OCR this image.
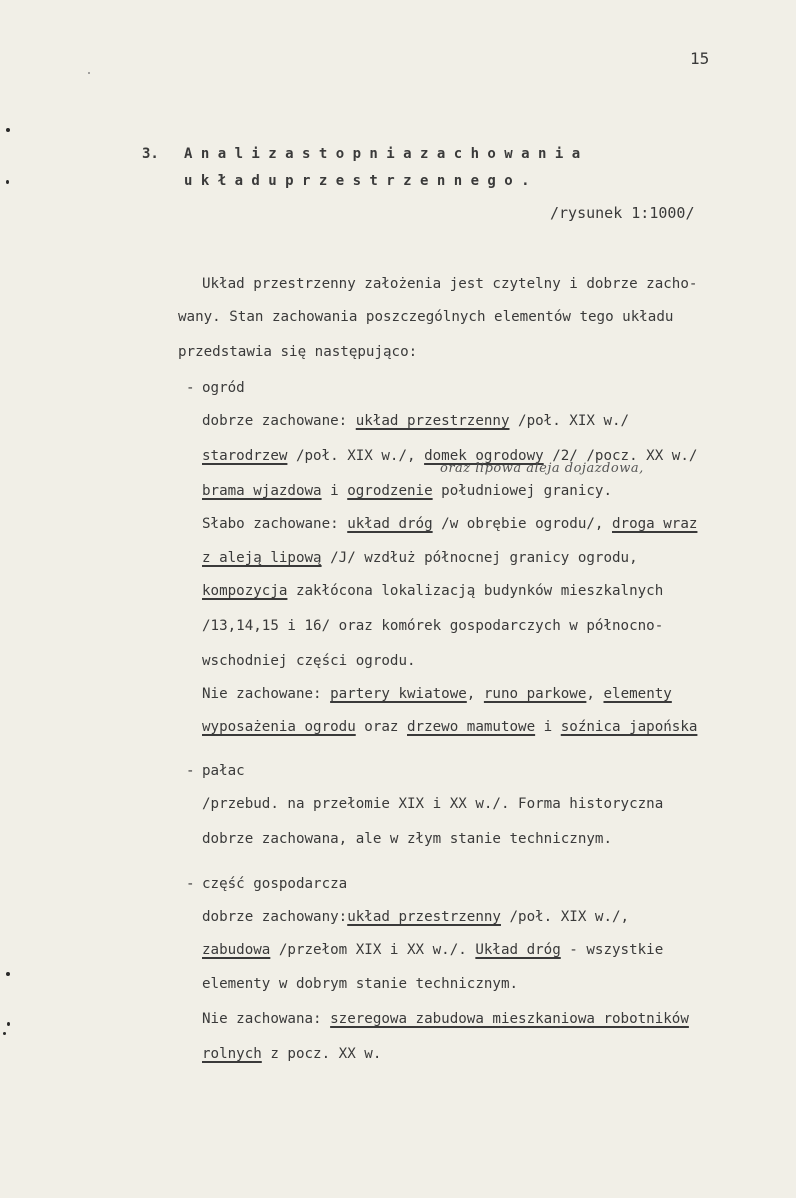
15
3. A n a l i z a s t o p n i a z a c h o w a n i a
u k ł a d u p r z e s t r z e n n e g o .
/rysunek 1:1000/
Układ przestrzenny założenia jest czytelny i dobrze zacho-
wany. Stan zachowania poszczególnych elementów tego układu
przedstawia się następująco:
- ogród
dobrze zachowane: układ przestrzenny /poł. XIX w./
starodrzew /poł. XIX w./, domek ogrodowy /2/ /pocz. XX w./
oraz lipowa aleja dojazdowa,
brama wjazdowa i ogrodzenie południowej granicy.
Słabo zachowane: układ dróg /w obrębie ogrodu/, droga wraz
z aleją lipową /J/ wzdłuż północnej granicy ogrodu,
kompozycja zakłócona lokalizacją budynków mieszkalnych
/13,14,15 i 16/ oraz komórek gospodarczych w północno-
wschodniej części ogrodu.
Nie zachowane: partery kwiatowe, runo parkowe, elementy
wyposażenia ogrodu oraz drzewo mamutowe i soźnica japońska
- pałac
/przebud. na przełomie XIX i XX w./. Forma historyczna
dobrze zachowana, ale w złym stanie technicznym.
- część gospodarcza
dobrze zachowany:układ przestrzenny /poł. XIX w./,
zabudowa /przełom XIX i XX w./. Układ dróg - wszystkie
elementy w dobrym stanie technicznym.
Nie zachowana: szeregowa zabudowa mieszkaniowa robotników
rolnych z pocz. XX w.
